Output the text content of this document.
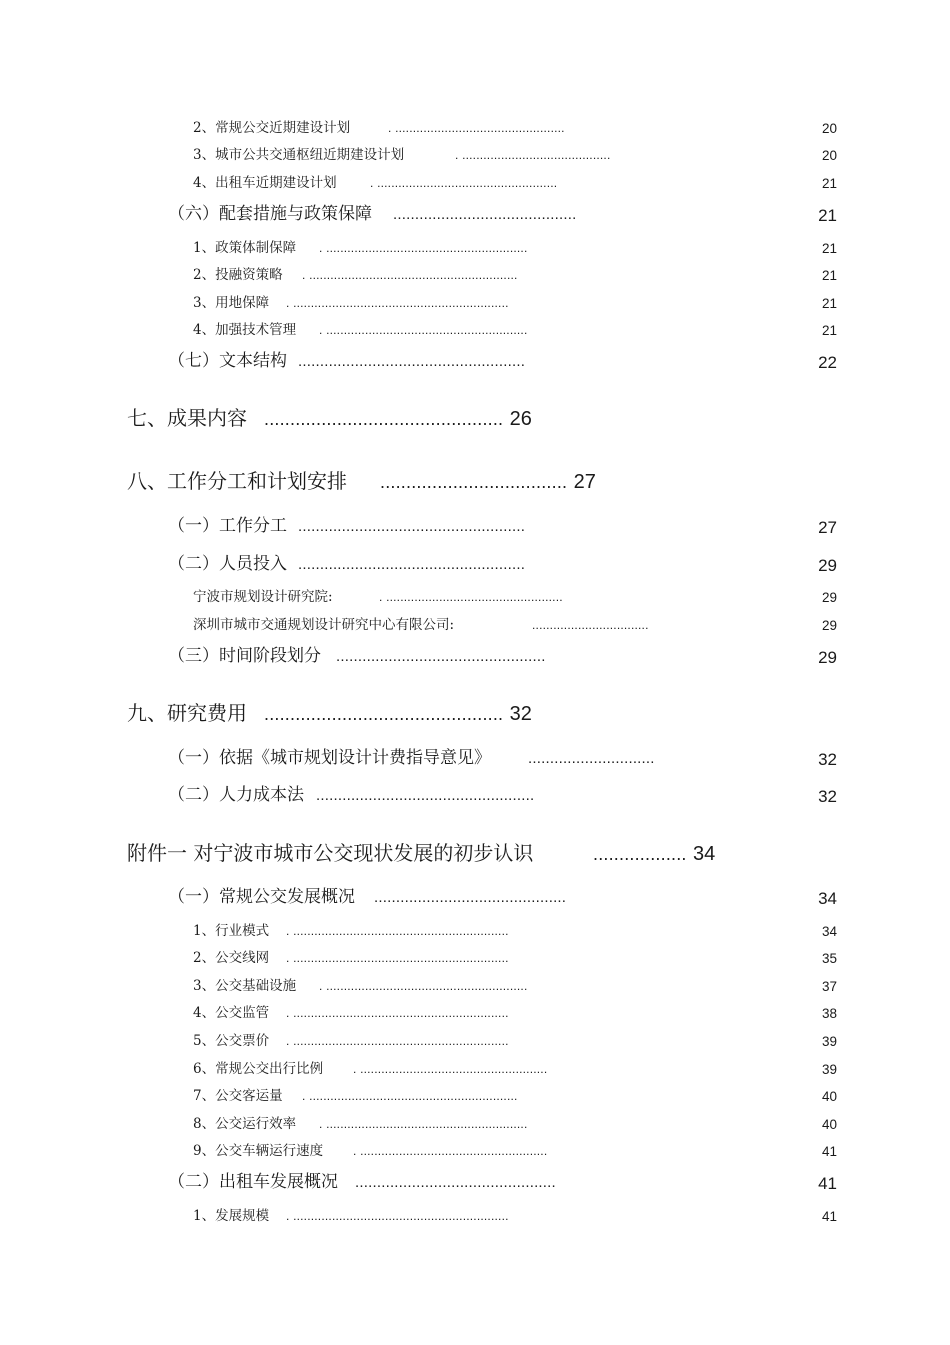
2、常规公交近期建设计划	. ................................................	20
3、城市公共交通枢纽近期建设计划	. ..........................................	20
4、出租车近期建设计划	. ...................................................	21
（六）配套措施与政策保障 ..........................................	21
1、政策体制保障 . .........................................................	21
2、投融资策略 . ...........................................................	21
3、用地保障 . .............................................................	21
4、加强技术管理 . .........................................................	21
（七）文本结构 ....................................................	22
七、成果内容 .............................................. 26
八、工作分工和计划安排 .................................... 27
（一）工作分工 ....................................................	27
（二）人员投入 ....................................................	29
宁波市规划设计研究院:	. ..................................................	29
深圳市城市交通规划设计研究中心有限公司:	.................................	29
（三）时间阶段划分 ................................................	29
九、研究费用 .............................................. 32
（一）依据《城市规划设计计费指导意见》 .............................	32
（二）人力成本法 ..................................................	32
附件一 对宁波市城市公交现状发展的初步认识	.................. 34
（一）常规公交发展概况 ............................................	34
1、行业模式 . .............................................................	34
2、公交线网 . .............................................................	35
3、公交基础设施 . .........................................................	37
4、公交监管 . .............................................................	38
5、公交票价 . .............................................................	39
6、常规公交出行比例 . .....................................................	39
7、公交客运量 . ...........................................................	40
8、公交运行效率 . .........................................................	40
9、公交车辆运行速度 . .....................................................	41
（二）出租车发展概况 ..............................................	41
1、发展规模 . .............................................................	41
